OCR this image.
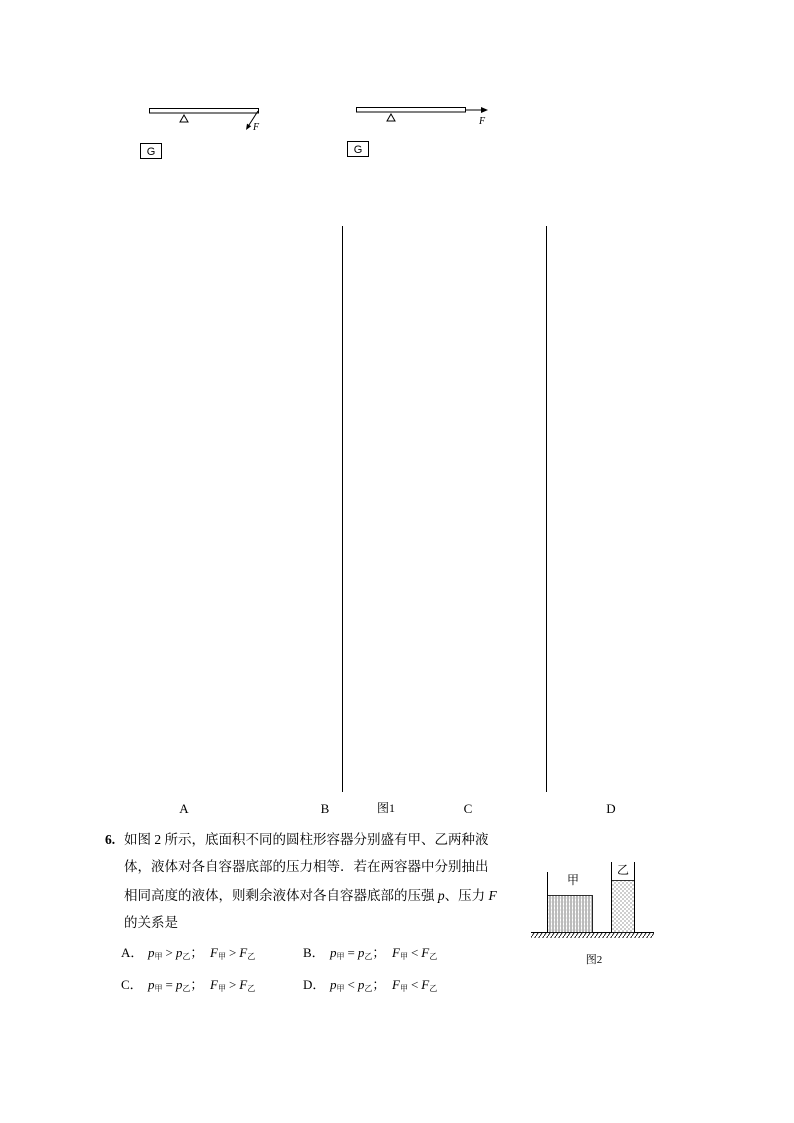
F
G
F
G
A	B	图1	C	D
甲
乙
图2
6. 如图 2 所示，底面积不同的圆柱形容器分别盛有甲、乙两种液
体，液体对各自容器底部的压力相等．若在两容器中分别抽出
相同高度的液体，则剩余液体对各自容器底部的压强 p、压力 F
的关系是
A． $p_甲 > p_乙$； $F_甲 > F_乙$	B． $p_甲 = p_乙$； $F_甲 < F_乙$
C． $p_甲 = p_乙$； $F_甲 > F_乙$	D． $p_甲 < p_乙$； $F_甲 < F_乙$
